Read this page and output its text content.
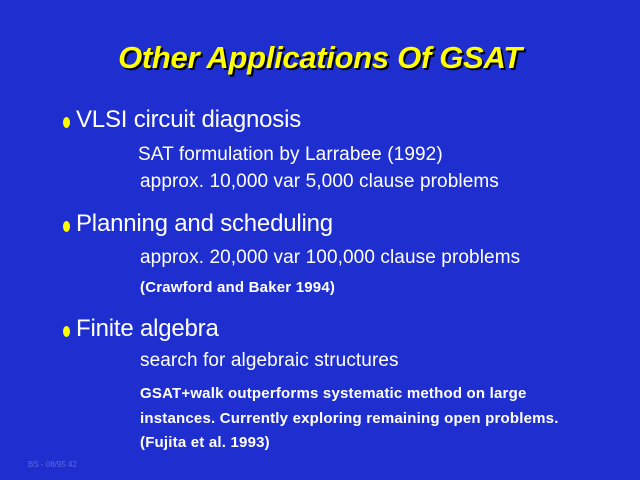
Other Applications Of GSAT
VLSI circuit diagnosis
SAT formulation by Larrabee (1992)
approx. 10,000 var 5,000 clause problems
Planning and scheduling
approx. 20,000 var 100,000 clause problems
(Crawford and Baker 1994)
Finite algebra
search for algebraic structures
GSAT+walk outperforms systematic method on large
instances. Currently exploring remaining open problems.
(Fujita et al. 1993)
BS - 08/95 42
